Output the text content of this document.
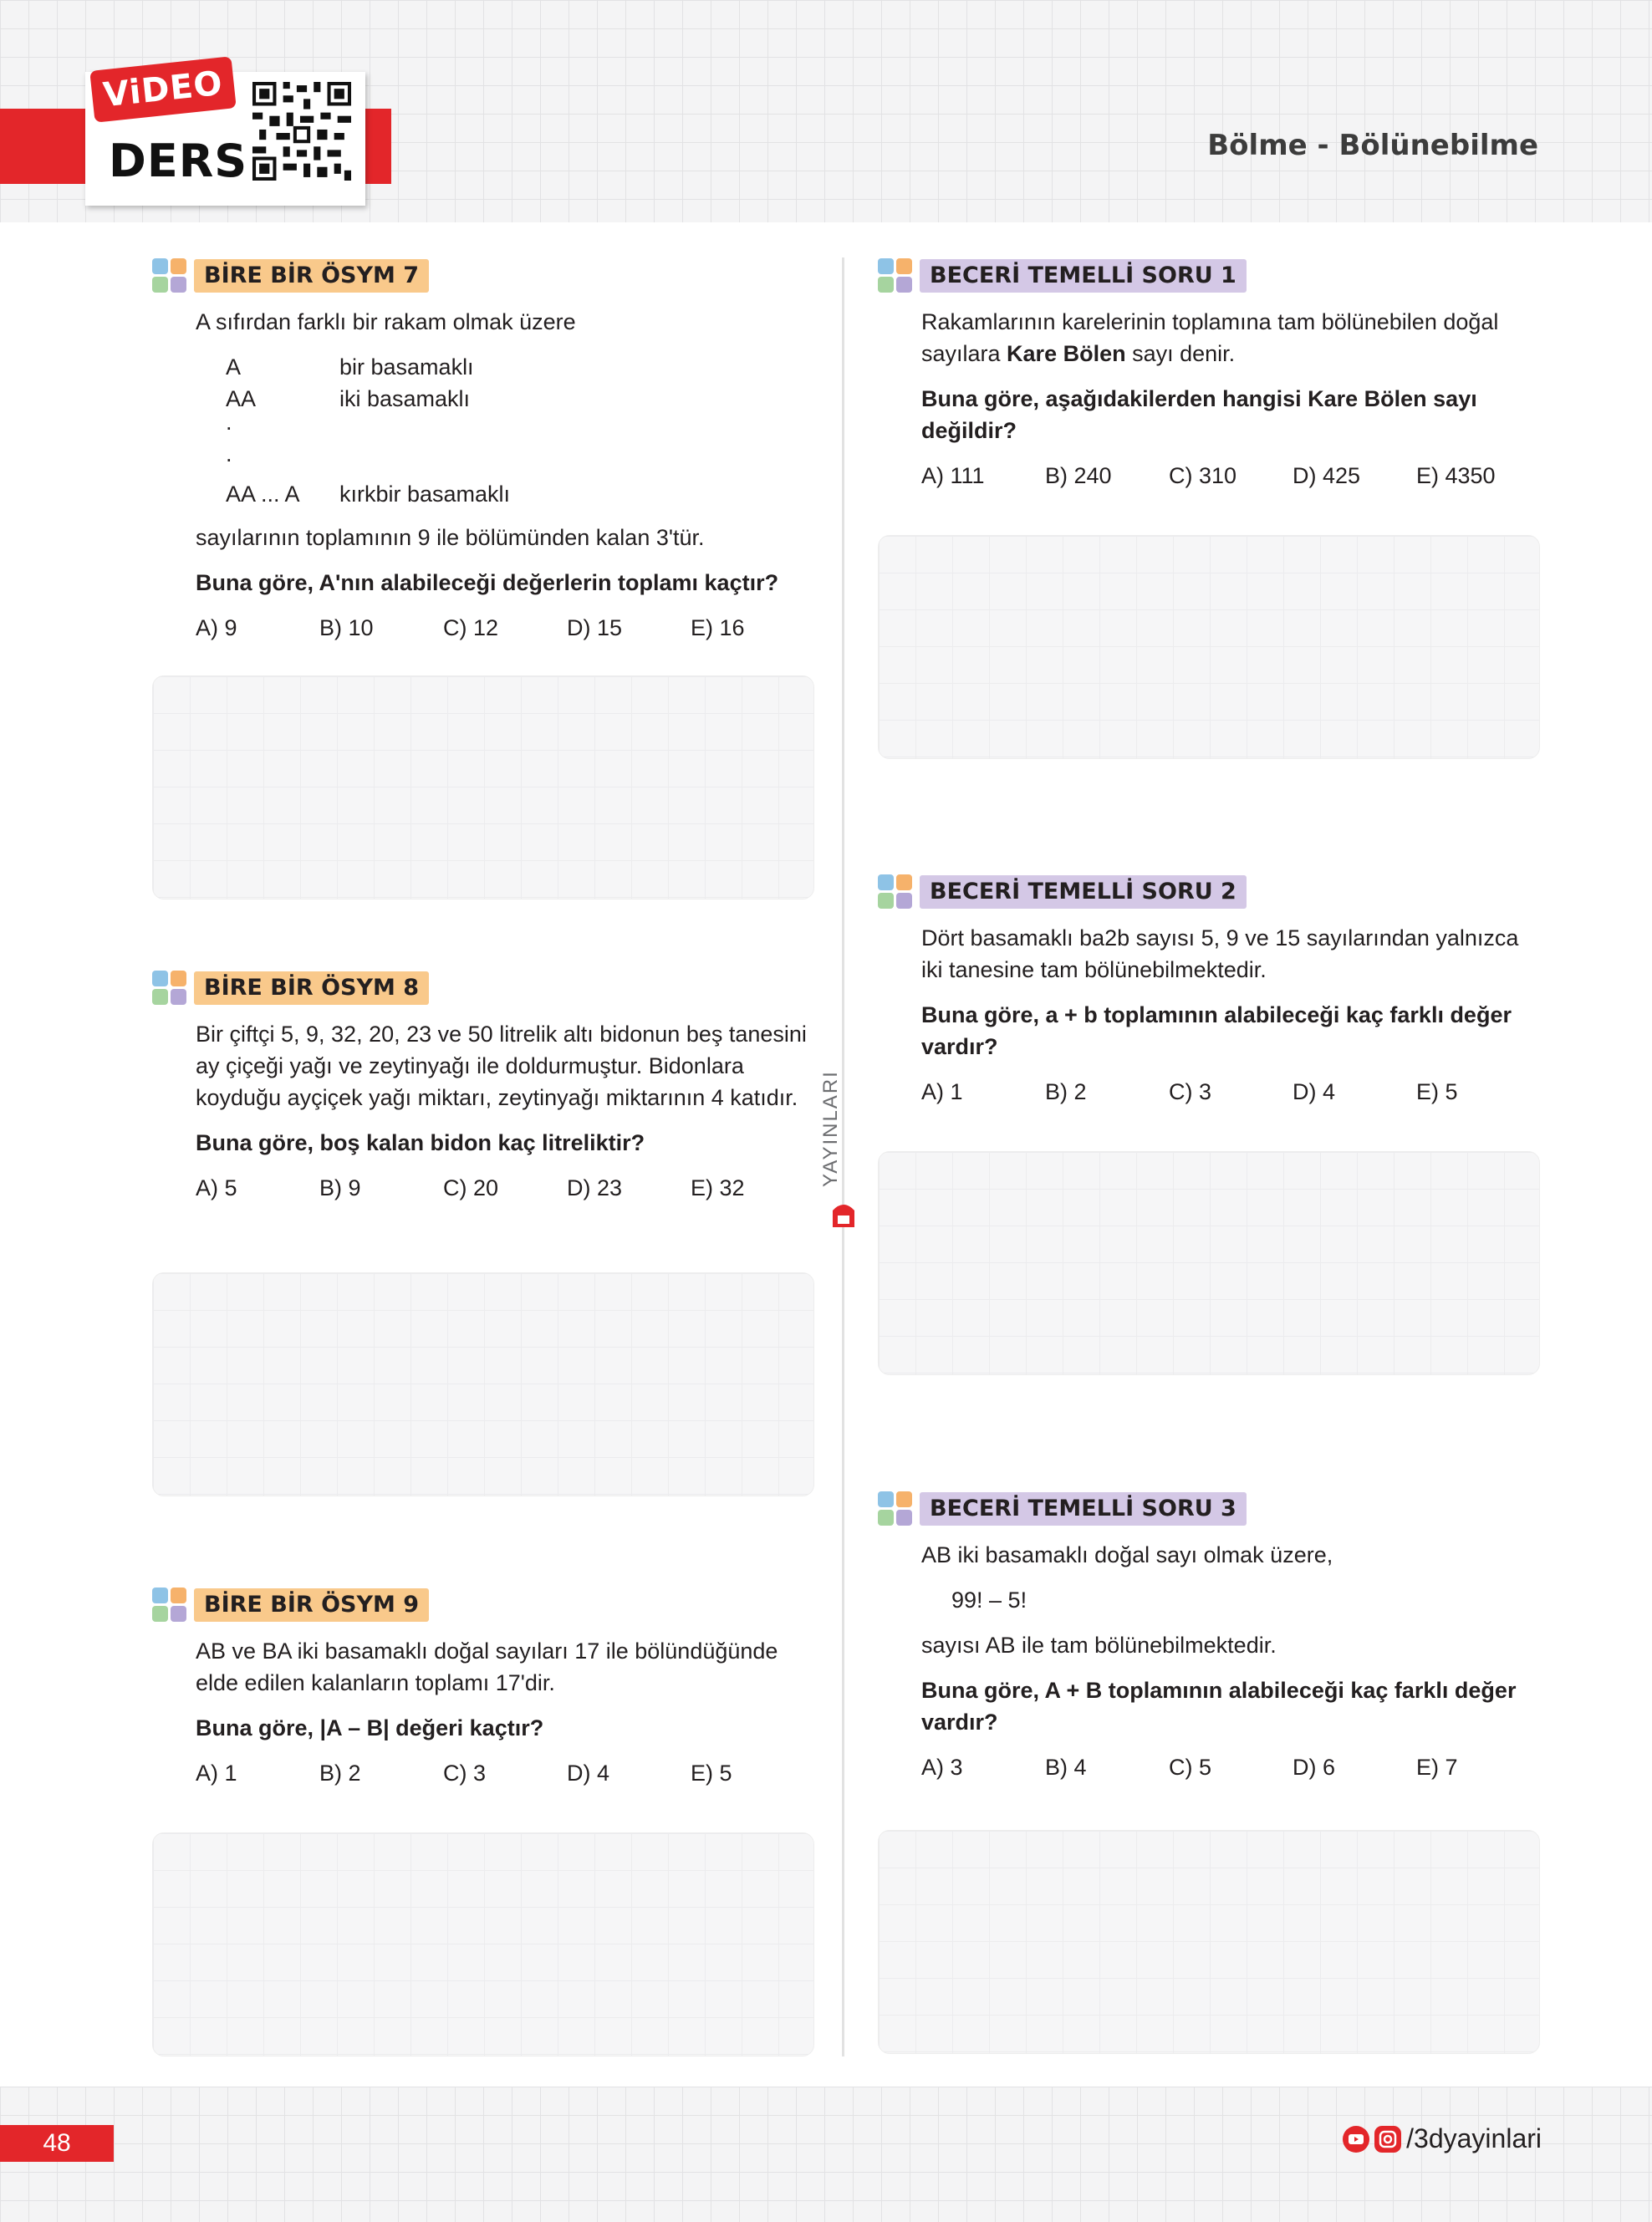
ViDEO
DERS	Bölme - Bölünebilme
YAYINLARI
BİRE BİR ÖSYM 7

A sıfırdan farklı bir rakam olmak üzere

A	bir basamaklı
AA	iki basamaklı
.	
.	
AA ... A	kırkbir basamaklı

sayılarının toplamının 9 ile bölümünden kalan 3'tür.

Buna göre, A'nın alabileceği değerlerin toplamı kaçtır?

A) 9	B) 10	C) 12	D) 15	E) 16
BİRE BİR ÖSYM 8

Bir çiftçi 5, 9, 32, 20, 23 ve 50 litrelik altı bidonun beş tanesini ay çiçeği yağı ve zeytinyağı ile doldurmuştur. Bidonlara koyduğu ayçiçek yağı miktarı, zeytinyağı miktarının 4 katıdır.

Buna göre, boş kalan bidon kaç litreliktir?

A) 5	B) 9	C) 20	D) 23	E) 32
BİRE BİR ÖSYM 9

AB ve BA iki basamaklı doğal sayıları 17 ile bölündüğünde elde edilen kalanların toplamı 17'dir.

Buna göre, |A – B| değeri kaçtır?

A) 1	B) 2	C) 3	D) 4	E) 5
BECERİ TEMELLİ SORU 1

Rakamlarının karelerinin toplamına tam bölünebilen doğal sayılara Kare Bölen sayı denir.

Buna göre, aşağıdakilerden hangisi Kare Bölen sayı değildir?

A) 111	B) 240	C) 310	D) 425	E) 4350
BECERİ TEMELLİ SORU 2

Dört basamaklı ba2b sayısı 5, 9 ve 15 sayılarından yalnızca iki tanesine tam bölünebilmektedir.

Buna göre, a + b toplamının alabileceği kaç farklı değer vardır?

A) 1	B) 2	C) 3	D) 4	E) 5
BECERİ TEMELLİ SORU 3

AB iki basamaklı doğal sayı olmak üzere,

99! – 5!

sayısı AB ile tam bölünebilmektedir.

Buna göre, A + B toplamının alabileceği kaç farklı değer vardır?

A) 3	B) 4	C) 5	D) 6	E) 7
48	/3dyayinlari
